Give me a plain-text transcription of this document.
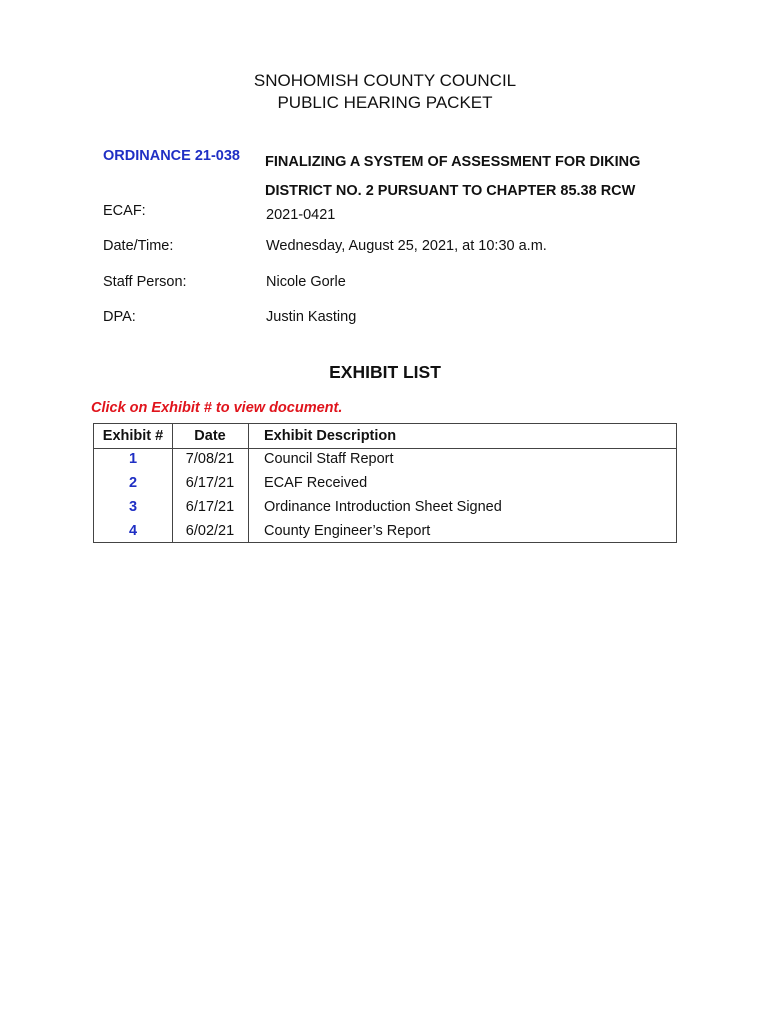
SNOHOMISH COUNTY COUNCIL
PUBLIC HEARING PACKET
ORDINANCE 21-038 FINALIZING A SYSTEM OF ASSESSMENT FOR DIKING DISTRICT NO. 2 PURSUANT TO CHAPTER 85.38 RCW
ECAF:	2021-0421
Date/Time:	Wednesday, August 25, 2021, at 10:30 a.m.
Staff Person:	Nicole Gorle
DPA:	Justin Kasting
EXHIBIT LIST
Click on Exhibit # to view document.
Exhibit #	Date	Exhibit Description
1	7/08/21	Council Staff Report
2	6/17/21	ECAF Received
3	6/17/21	Ordinance Introduction Sheet Signed
4	6/02/21	County Engineer’s Report
